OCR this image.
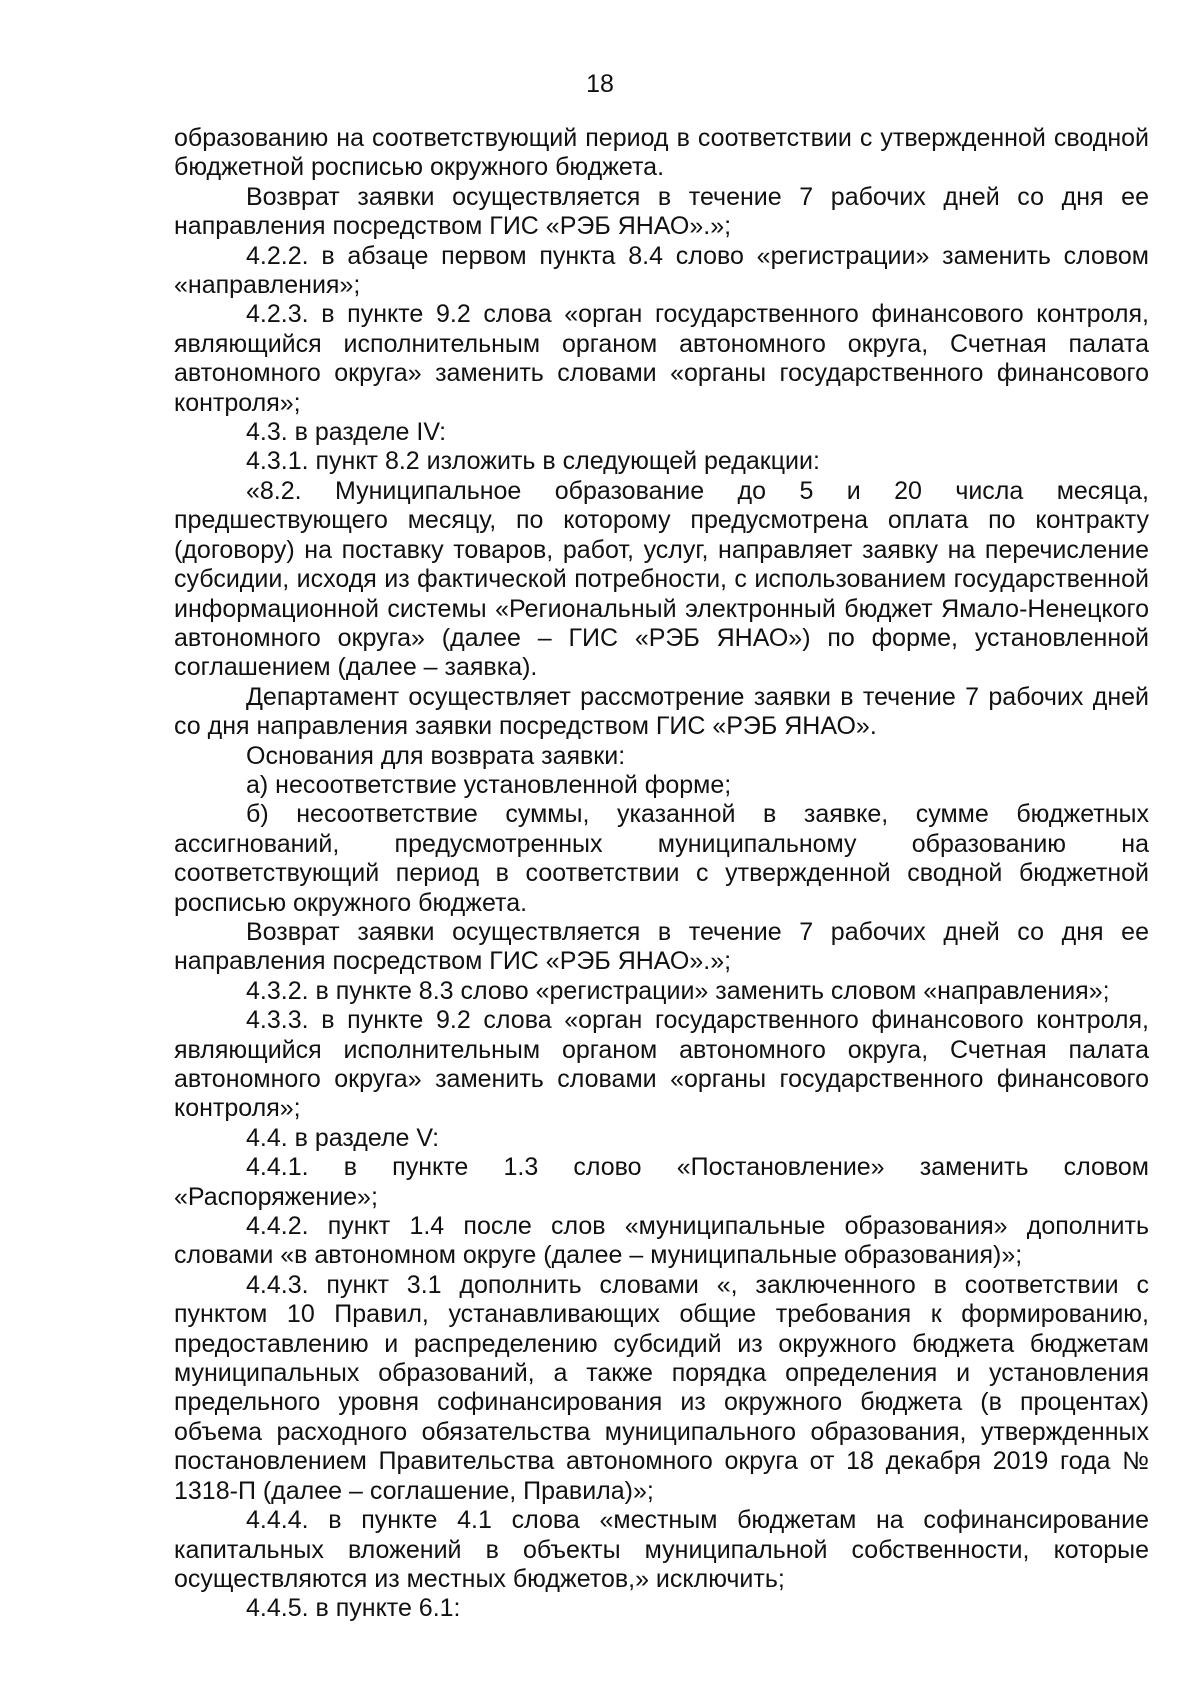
18

образованию на соответствующий период в соответствии с утвержденной сводной бюджетной росписью окружного бюджета.

Возврат заявки осуществляется в течение 7 рабочих дней со дня ее направления посредством ГИС «РЭБ ЯНАО».»;

4.2.2. в абзаце первом пункта 8.4 слово «регистрации» заменить словом «направления»;

4.2.3. в пункте 9.2 слова «орган государственного финансового контроля, являющийся исполнительным органом автономного округа, Счетная палата автономного округа» заменить словами «органы государственного финансового контроля»;

4.3. в разделе IV:

4.3.1. пункт 8.2 изложить в следующей редакции:

«8.2. Муниципальное образование до 5 и 20 числа месяца, предшествующего месяцу, по которому предусмотрена оплата по контракту (договору) на поставку товаров, работ, услуг, направляет заявку на перечисление субсидии, исходя из фактической потребности, с использованием государственной информационной системы «Региональный электронный бюджет Ямало-Ненецкого автономного округа» (далее – ГИС «РЭБ ЯНАО») по форме, установленной соглашением (далее – заявка).

Департамент осуществляет рассмотрение заявки в течение 7 рабочих дней со дня направления заявки посредством ГИС «РЭБ ЯНАО».

Основания для возврата заявки:

а) несоответствие установленной форме;

б) несоответствие суммы, указанной в заявке, сумме бюджетных ассигнований, предусмотренных муниципальному образованию на соответствующий период в соответствии с утвержденной сводной бюджетной росписью окружного бюджета.

Возврат заявки осуществляется в течение 7 рабочих дней со дня ее направления посредством ГИС «РЭБ ЯНАО».»;

4.3.2. в пункте 8.3 слово «регистрации» заменить словом «направления»;

4.3.3. в пункте 9.2 слова «орган государственного финансового контроля, являющийся исполнительным органом автономного округа, Счетная палата автономного округа» заменить словами «органы государственного финансового контроля»;

4.4. в разделе V:

4.4.1. в пункте 1.3 слово «Постановление» заменить словом «Распоряжение»;

4.4.2. пункт 1.4 после слов «муниципальные образования» дополнить словами «в автономном округе (далее – муниципальные образования)»;

4.4.3. пункт 3.1 дополнить словами «, заключенного в соответствии с пунктом 10 Правил, устанавливающих общие требования к формированию, предоставлению и распределению субсидий из окружного бюджета бюджетам муниципальных образований, а также порядка определения и установления предельного уровня софинансирования из окружного бюджета (в процентах) объема расходного обязательства муниципального образования, утвержденных постановлением Правительства автономного округа от 18 декабря 2019 года № 1318-П (далее – соглашение, Правила)»;

4.4.4. в пункте 4.1 слова «местным бюджетам на софинансирование капитальных вложений в объекты муниципальной собственности, которые осуществляются из местных бюджетов,» исключить;

4.4.5. в пункте 6.1:
